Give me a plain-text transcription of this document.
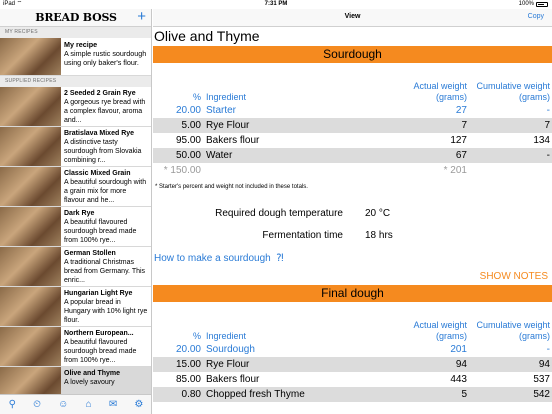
iPad ⌔	7:31 PM	100%
BREAD BOSS	+
MY RECIPES
My recipe
A simple rustic sourdough using only baker's flour.
SUPPLIED RECIPES
2 Seeded 2 Grain Rye
A gorgeous rye bread with a complex flavour, aroma and...
Bratislava Mixed Rye
A distinctive tasty sourdough from Slovakia combining r...
Classic Mixed Grain
A beautiful sourdough with a grain mix for more flavour and he...
Dark Rye
A beautiful flavoured sourdough bread made from 100% rye...
German Stollen
A traditional Christmas bread from Germany. This enric...
Hungarian Light Rye
A popular bread in Hungary with 10% light rye flour.
Northern European...
A beautiful flavoured sourdough bread made from 100% rye...
Olive and Thyme
A lovely savoury
⚲ ⏲ ☺ ⌂ ✉ ⚙
View	Copy
Olive and Thyme
Sourdough
% Ingredient
Actual weight (grams)
Cumulative weight (grams)
20.00 Starter	27	-
5.00 Rye Flour	7	7
95.00 Bakers flour	127	134
50.00 Water	67	-
* 150.00	* 201
* Starter's percent and weight not included in these totals.
Required dough temperature	20 °C
Fermentation time	18 hrs
How to make a sourdough  ⁈
SHOW NOTES
Final dough
% Ingredient
Actual weight (grams)
Cumulative weight (grams)
20.00 Sourdough	201	-
15.00 Rye Flour	94	94
85.00 Bakers flour	443	537
0.80 Chopped fresh Thyme	5	542
